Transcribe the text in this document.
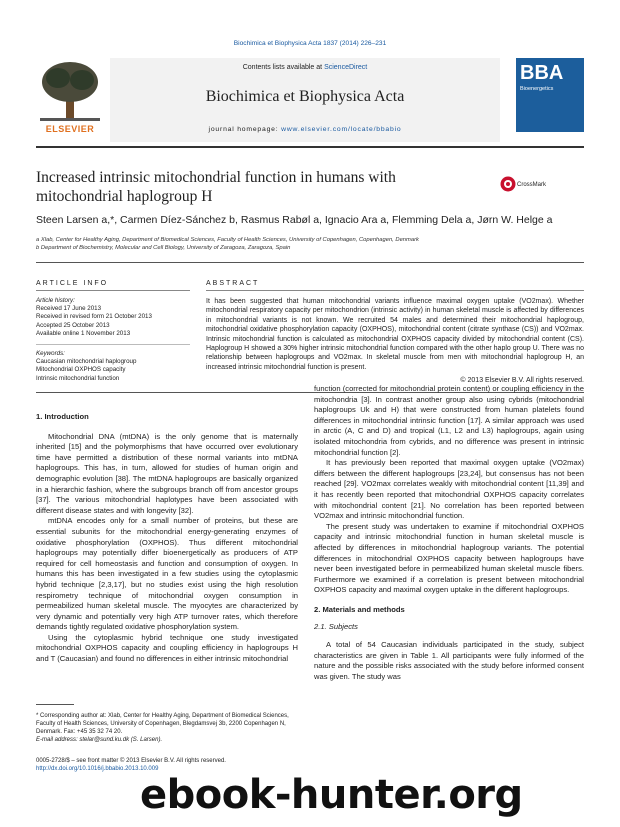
Biochimica et Biophysica Acta 1837 (2014) 226–231
ELSEVIER
Contents lists available at ScienceDirect
Biochimica et Biophysica Acta
journal homepage: www.elsevier.com/locate/bbabio
BBA
Bioenergetics
Increased intrinsic mitochondrial function in humans with mitochondrial haplogroup H
CrossMark
Steen Larsen a,*, Carmen Díez-Sánchez b, Rasmus Rabøl a, Ignacio Ara a, Flemming Dela a, Jørn W. Helge a
a Xlab, Center for Healthy Aging, Department of Biomedical Sciences, Faculty of Health Sciences, University of Copenhagen, Copenhagen, Denmark
b Department of Biochemistry, Molecular and Cell Biology, University of Zaragoza, Zaragoza, Spain
ARTICLE INFO
Article history:
Received 17 June 2013
Received in revised form 21 October 2013
Accepted 25 October 2013
Available online 1 November 2013
Keywords:
Caucasian mitochondrial haplogroup
Mitochondrial OXPHOS capacity
Intrinsic mitochondrial function
ABSTRACT
It has been suggested that human mitochondrial variants influence maximal oxygen uptake (VO2max). Whether mitochondrial respiratory capacity per mitochondrion (intrinsic activity) in human skeletal muscle is affected by differences in mitochondrial variants is not known. We recruited 54 males and determined their mitochondrial haplogroup, mitochondrial oxidative phosphorylation capacity (OXPHOS), mitochondrial content (citrate synthase (CS)) and VO2max. Intrinsic mitochondrial function is calculated as mitochondrial OXPHOS capacity divided by mitochondrial content (CS). Haplogroup H showed a 30% higher intrinsic mitochondrial function compared with the other haplo group U. There was no relationship between haplogroups and VO2max. In skeletal muscle from men with mitochondrial haplogroup H, an increased intrinsic mitochondrial function is present.
© 2013 Elsevier B.V. All rights reserved.
1. Introduction

Mitochondrial DNA (mtDNA) is the only genome that is maternally inherited [15] and the polymorphisms that have occurred over evolutionary time have permitted a distribution of these normal variants into mtDNA haplogroups. This has, in turn, allowed for studies of human origin and demographic evolution [38]. The mtDNA haplogroups are basically organized in a hierarchic fashion, where the subgroups branch off from ancestor groups [37]. The various mitochondrial haplotypes have been associated with different disease states and with longevity [32].

mtDNA encodes only for a small number of proteins, but these are essential subunits for the mitochondrial energy-generating enzymes of oxidative phosphorylation (OXPHOS). Thus different mitochondrial haplogroups may potentially differ bioenergetically as producers of ATP required for cell homeostasis and function and consumption of oxygen. In humans this has been investigated in a few studies using the cytoplasmic hybrid technique [2,3,17], but no studies exist using the high resolution respirometry technique of mitochondrial oxygen consumption in permeabilized human skeletal muscle. The myocytes are characterized by very dynamic and potentially very high ATP turnover rates, which therefore demands tightly regulated oxidative phosphorylation system.

Using the cytoplasmic hybrid technique one study investigated mitochondrial OXPHOS capacity and coupling efficiency in haplogroups H and T (Caucasian) and found no differences in either intrinsic mitochondrial

function (corrected for mitochondrial protein content) or coupling efficiency in the mitochondria [3]. In contrast another group also using cybrids (mitochondrial haplogroups Uk and H) that were constructed from human platelets found differences in mitochondrial intrinsic function [17]. A similar approach was used in arctic (A, C and D) and tropical (L1, L2 and L3) haplogroups, again using isolated mitochondria from cybrids, and no difference was present in intrinsic mitochondrial function [2].

It has previously been reported that maximal oxygen uptake (VO2max) differs between the different haplogroups [23,24], but consensus has not been reached [29]. VO2max correlates weakly with mitochondrial content [11,39] and it has recently been reported that mitochondrial OXPHOS capacity correlates with mitochondrial content [21]. No correlation has been reported between VO2max and intrinsic mitochondrial function.

The present study was undertaken to examine if mitochondrial OXPHOS capacity and intrinsic mitochondrial function in human skeletal muscle is affected by differences in mitochondrial haplogroup variants. The potential differences in mitochondrial OXPHOS capacity between haplogroups have never been investigated before in permeabilized human skeletal muscle fibers. Furthermore we examined if a correlation is present between mitochondrial OXPHOS capacity and maximal oxygen uptake in the different haplogroups.

2. Materials and methods
2.1. Subjects

A total of 54 Caucasian individuals participated in the study, subject characteristics are given in Table 1. All participants were fully informed of the nature and the possible risks associated with the study before informed consent was given. The study was

* Corresponding author at: Xlab, Center for Healthy Aging, Department of Biomedical Sciences, Faculty of Health Sciences, University of Copenhagen, Blegdamsvej 3b, 2200 Copenhagen N, Denmark. Fax: +45 35 32 74 20.
E-mail address: stelar@sund.ku.dk (S. Larsen).
0005-2728/$ – see front matter © 2013 Elsevier B.V. All rights reserved.
http://dx.doi.org/10.1016/j.bbabio.2013.10.009
ebook-hunter.org
